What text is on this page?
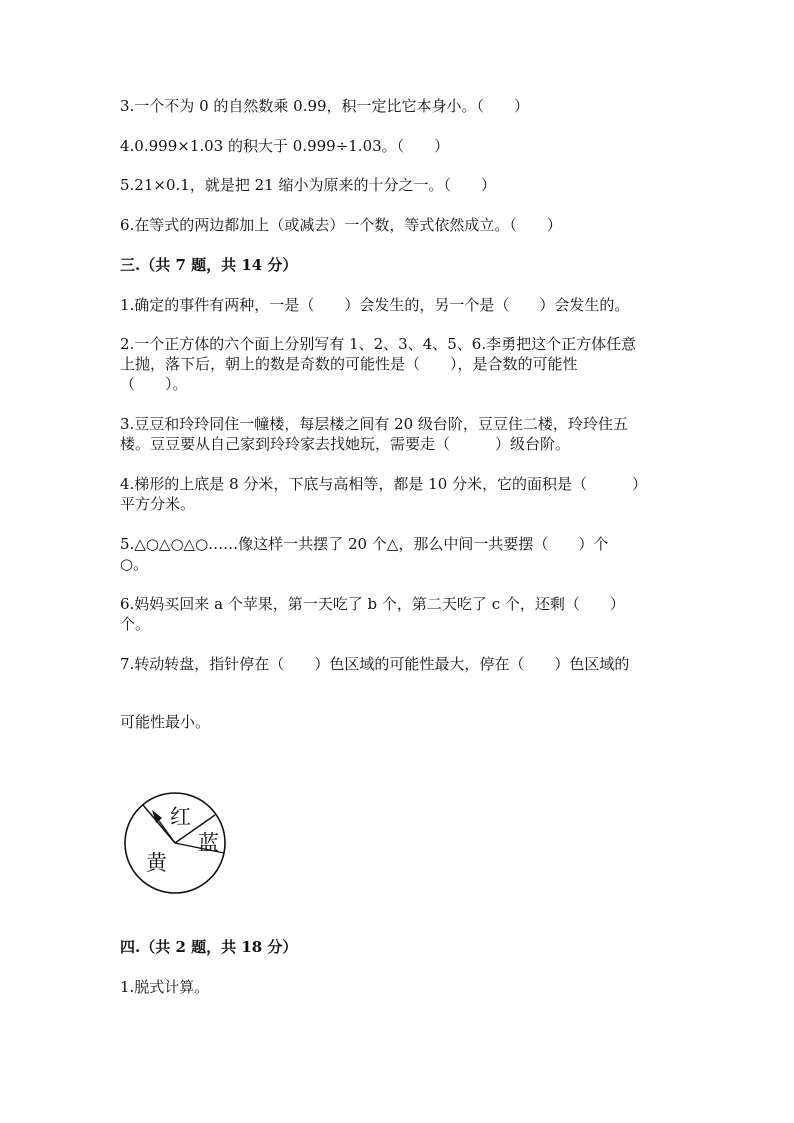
3.一个不为 0 的自然数乘 0.99，积一定比它本身小。（　　）
4.0.999×1.03 的积大于 0.999÷1.03。（　　）
5.21×0.1，就是把 21 缩小为原来的十分之一。（　　）
6.在等式的两边都加上（或减去）一个数，等式依然成立。（　　）
三.（共 7 题，共 14 分）
1.确定的事件有两种，一是（　　）会发生的，另一个是（　　）会发生的。
2.一个正方体的六个面上分别写有 1、2、3、4、5、6.李勇把这个正方体任意
上抛，落下后，朝上的数是奇数的可能性是（　　），是合数的可能性
（　　）。
3.豆豆和玲玲同住一幢楼，每层楼之间有 20 级台阶，豆豆住二楼，玲玲住五
楼。豆豆要从自己家到玲玲家去找她玩，需要走（　　　）级台阶。
4.梯形的上底是 8 分米，下底与高相等，都是 10 分米，它的面积是（　　　）
平方分米。
5.△○△○△○……像这样一共摆了 20 个△，那么中间一共要摆（　　）个
○。
6.妈妈买回来 a 个苹果，第一天吃了 b 个，第二天吃了 c 个，还剩（　　）
个。
7.转动转盘，指针停在（　　）色区域的可能性最大，停在（　　）色区域的
可能性最小。
红
蓝
黄
四.（共 2 题，共 18 分）
1.脱式计算。
